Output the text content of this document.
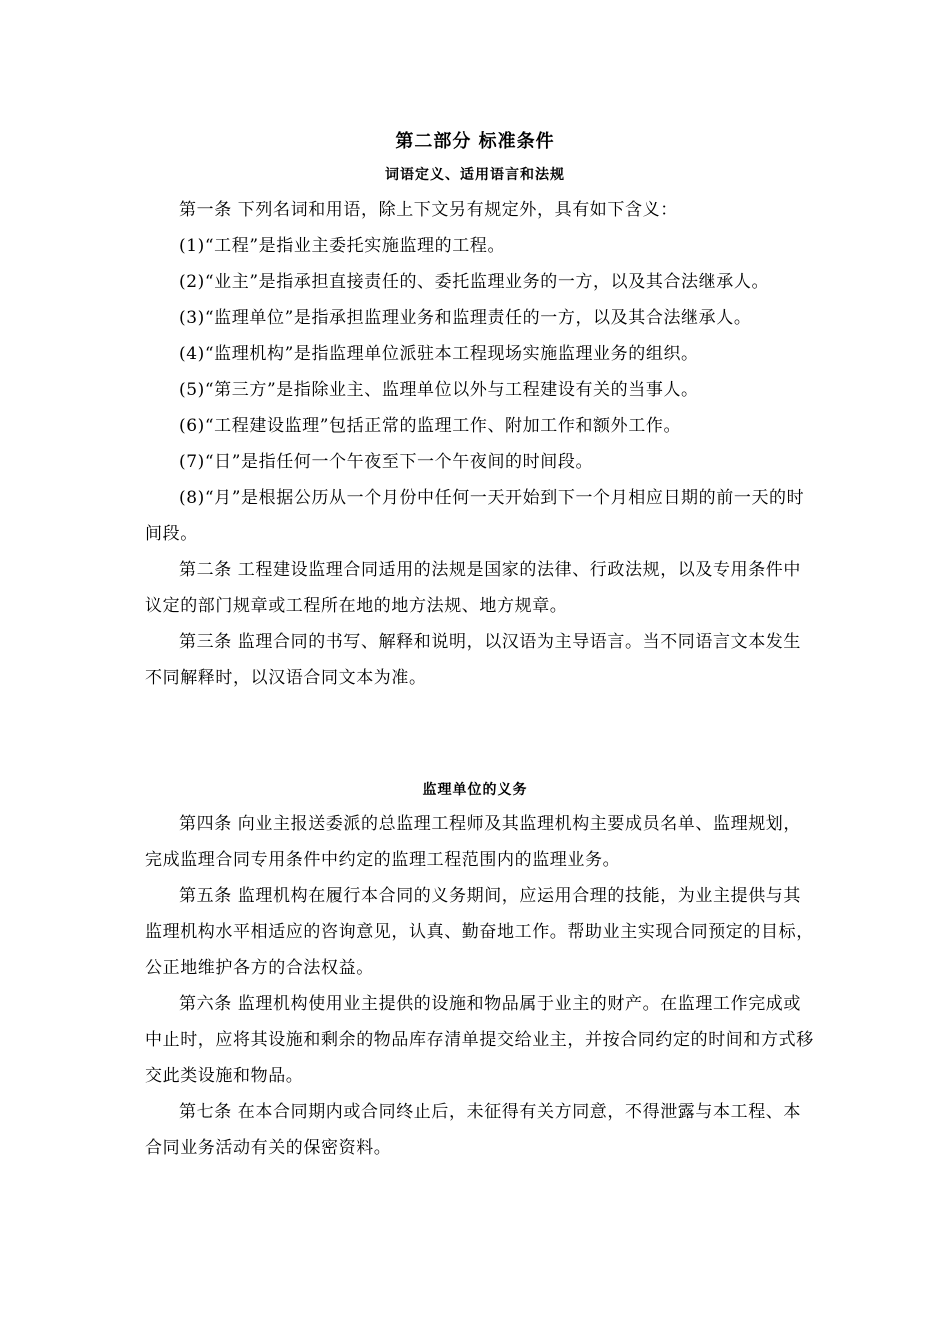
第二部分 标准条件
词语定义、适用语言和法规

第一条 下列名词和用语，除上下文另有规定外，具有如下含义：

(1)“工程”是指业主委托实施监理的工程。

(2)“业主”是指承担直接责任的、委托监理业务的一方，以及其合法继承人。

(3)“监理单位”是指承担监理业务和监理责任的一方，以及其合法继承人。

(4)“监理机构”是指监理单位派驻本工程现场实施监理业务的组织。

(5)“第三方”是指除业主、监理单位以外与工程建设有关的当事人。

(6)“工程建设监理”包括正常的监理工作、附加工作和额外工作。

(7)“日”是指任何一个午夜至下一个午夜间的时间段。

(8)“月”是根据公历从一个月份中任何一天开始到下一个月相应日期的前一天的时间段。

第二条 工程建设监理合同适用的法规是国家的法律、行政法规，以及专用条件中议定的部门规章或工程所在地的地方法规、地方规章。

第三条 监理合同的书写、解释和说明，以汉语为主导语言。当不同语言文本发生不同解释时，以汉语合同文本为准。

监理单位的义务

第四条 向业主报送委派的总监理工程师及其监理机构主要成员名单、监理规划，完成监理合同专用条件中约定的监理工程范围内的监理业务。

第五条 监理机构在履行本合同的义务期间，应运用合理的技能，为业主提供与其监理机构水平相适应的咨询意见，认真、勤奋地工作。帮助业主实现合同预定的目标，公正地维护各方的合法权益。

第六条 监理机构使用业主提供的设施和物品属于业主的财产。在监理工作完成或中止时，应将其设施和剩余的物品库存清单提交给业主，并按合同约定的时间和方式移交此类设施和物品。

第七条 在本合同期内或合同终止后，未征得有关方同意，不得泄露与本工程、本合同业务活动有关的保密资料。
